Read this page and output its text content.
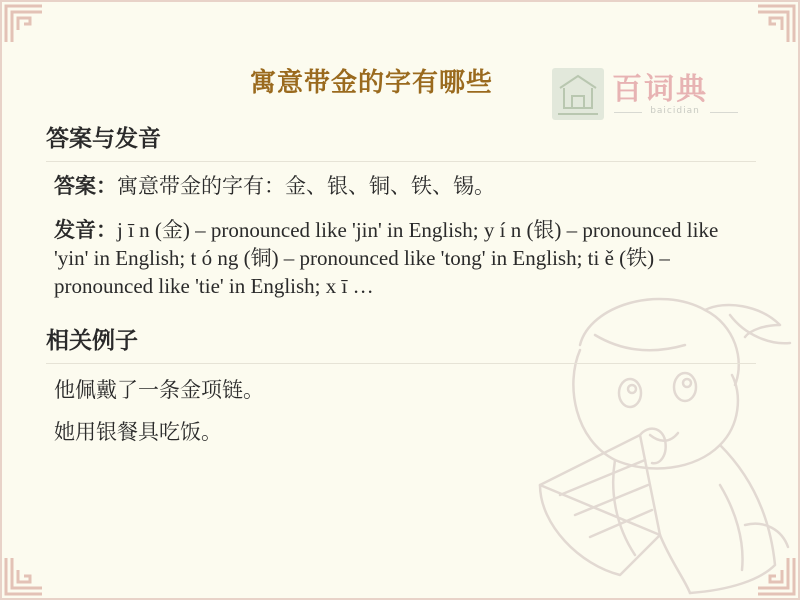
寓意带金的字有哪些	百词典
baicidian
答案与发音
答案：寓意带金的字有：金、银、铜、铁、锡。
发音：j ī n (金) – pronounced like 'jin' in English; y í n (银) – pronounced like 'yin' in English; t ó ng (铜) – pronounced like 'tong' in English; ti ě (铁) – pronounced like 'tie' in English; x ī …
相关例子
他佩戴了一条金项链。
她用银餐具吃饭。
